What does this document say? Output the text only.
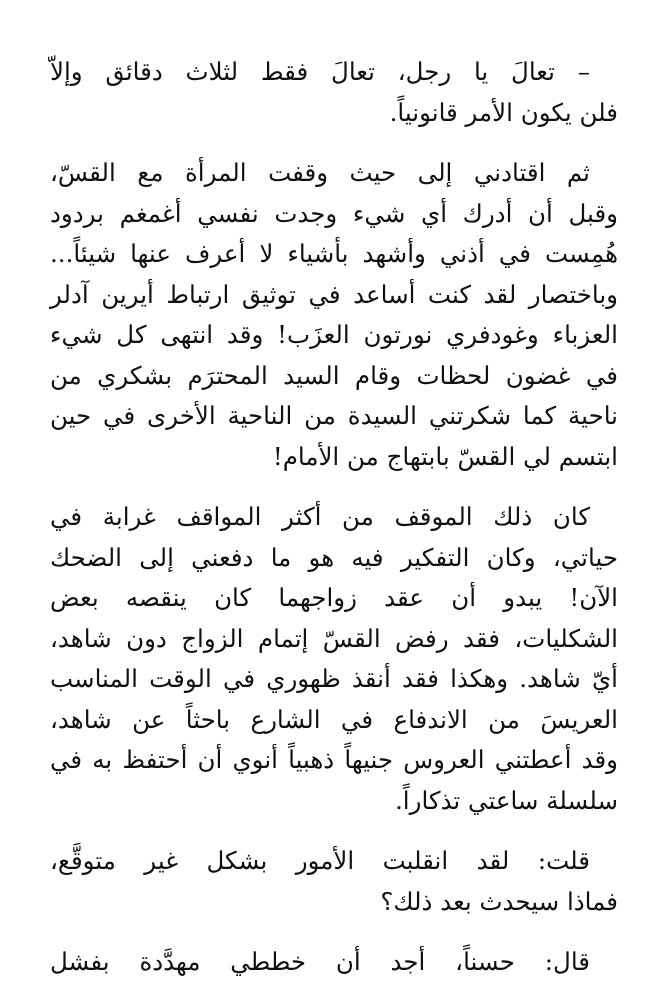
– تعالَ يا رجل، تعالَ فقط لثلاث دقائق وإلاّ
فلن يكون الأمر قانونياً.
ثم اقتادني إلى حيث وقفت المرأة مع القسّ،
وقبل أن أدرك أي شيء وجدت نفسي أغمغم بردود
هُمِست في أذني وأشهد بأشياء لا أعرف عنها شيئاً...
وباختصار لقد كنت أساعد في توثيق ارتباط أيرين آدلر
العزباء وغودفري نورتون العزَب! وقد انتهى كل شيء
في غضون لحظات وقام السيد المحترَم بشكري من
ناحية كما شكرتني السيدة من الناحية الأخرى في حين
ابتسم لي القسّ بابتهاج من الأمام!
كان ذلك الموقف من أكثر المواقف غرابة في
حياتي، وكان التفكير فيه هو ما دفعني إلى الضحك
الآن! يبدو أن عقد زواجهما كان ينقصه بعض
الشكليات، فقد رفض القسّ إتمام الزواج دون شاهد،
أيّ شاهد. وهكذا فقد أنقذ ظهوري في الوقت المناسب
العريسَ من الاندفاع في الشارع باحثاً عن شاهد،
وقد أعطتني العروس جنيهاً ذهبياً أنوي أن أحتفظ به في
سلسلة ساعتي تذكاراً.
قلت: لقد انقلبت الأمور بشكل غير متوقَّع،
فماذا سيحدث بعد ذلك؟
قال: حسناً، أجد أن خططي مهدَّدة بفشل
